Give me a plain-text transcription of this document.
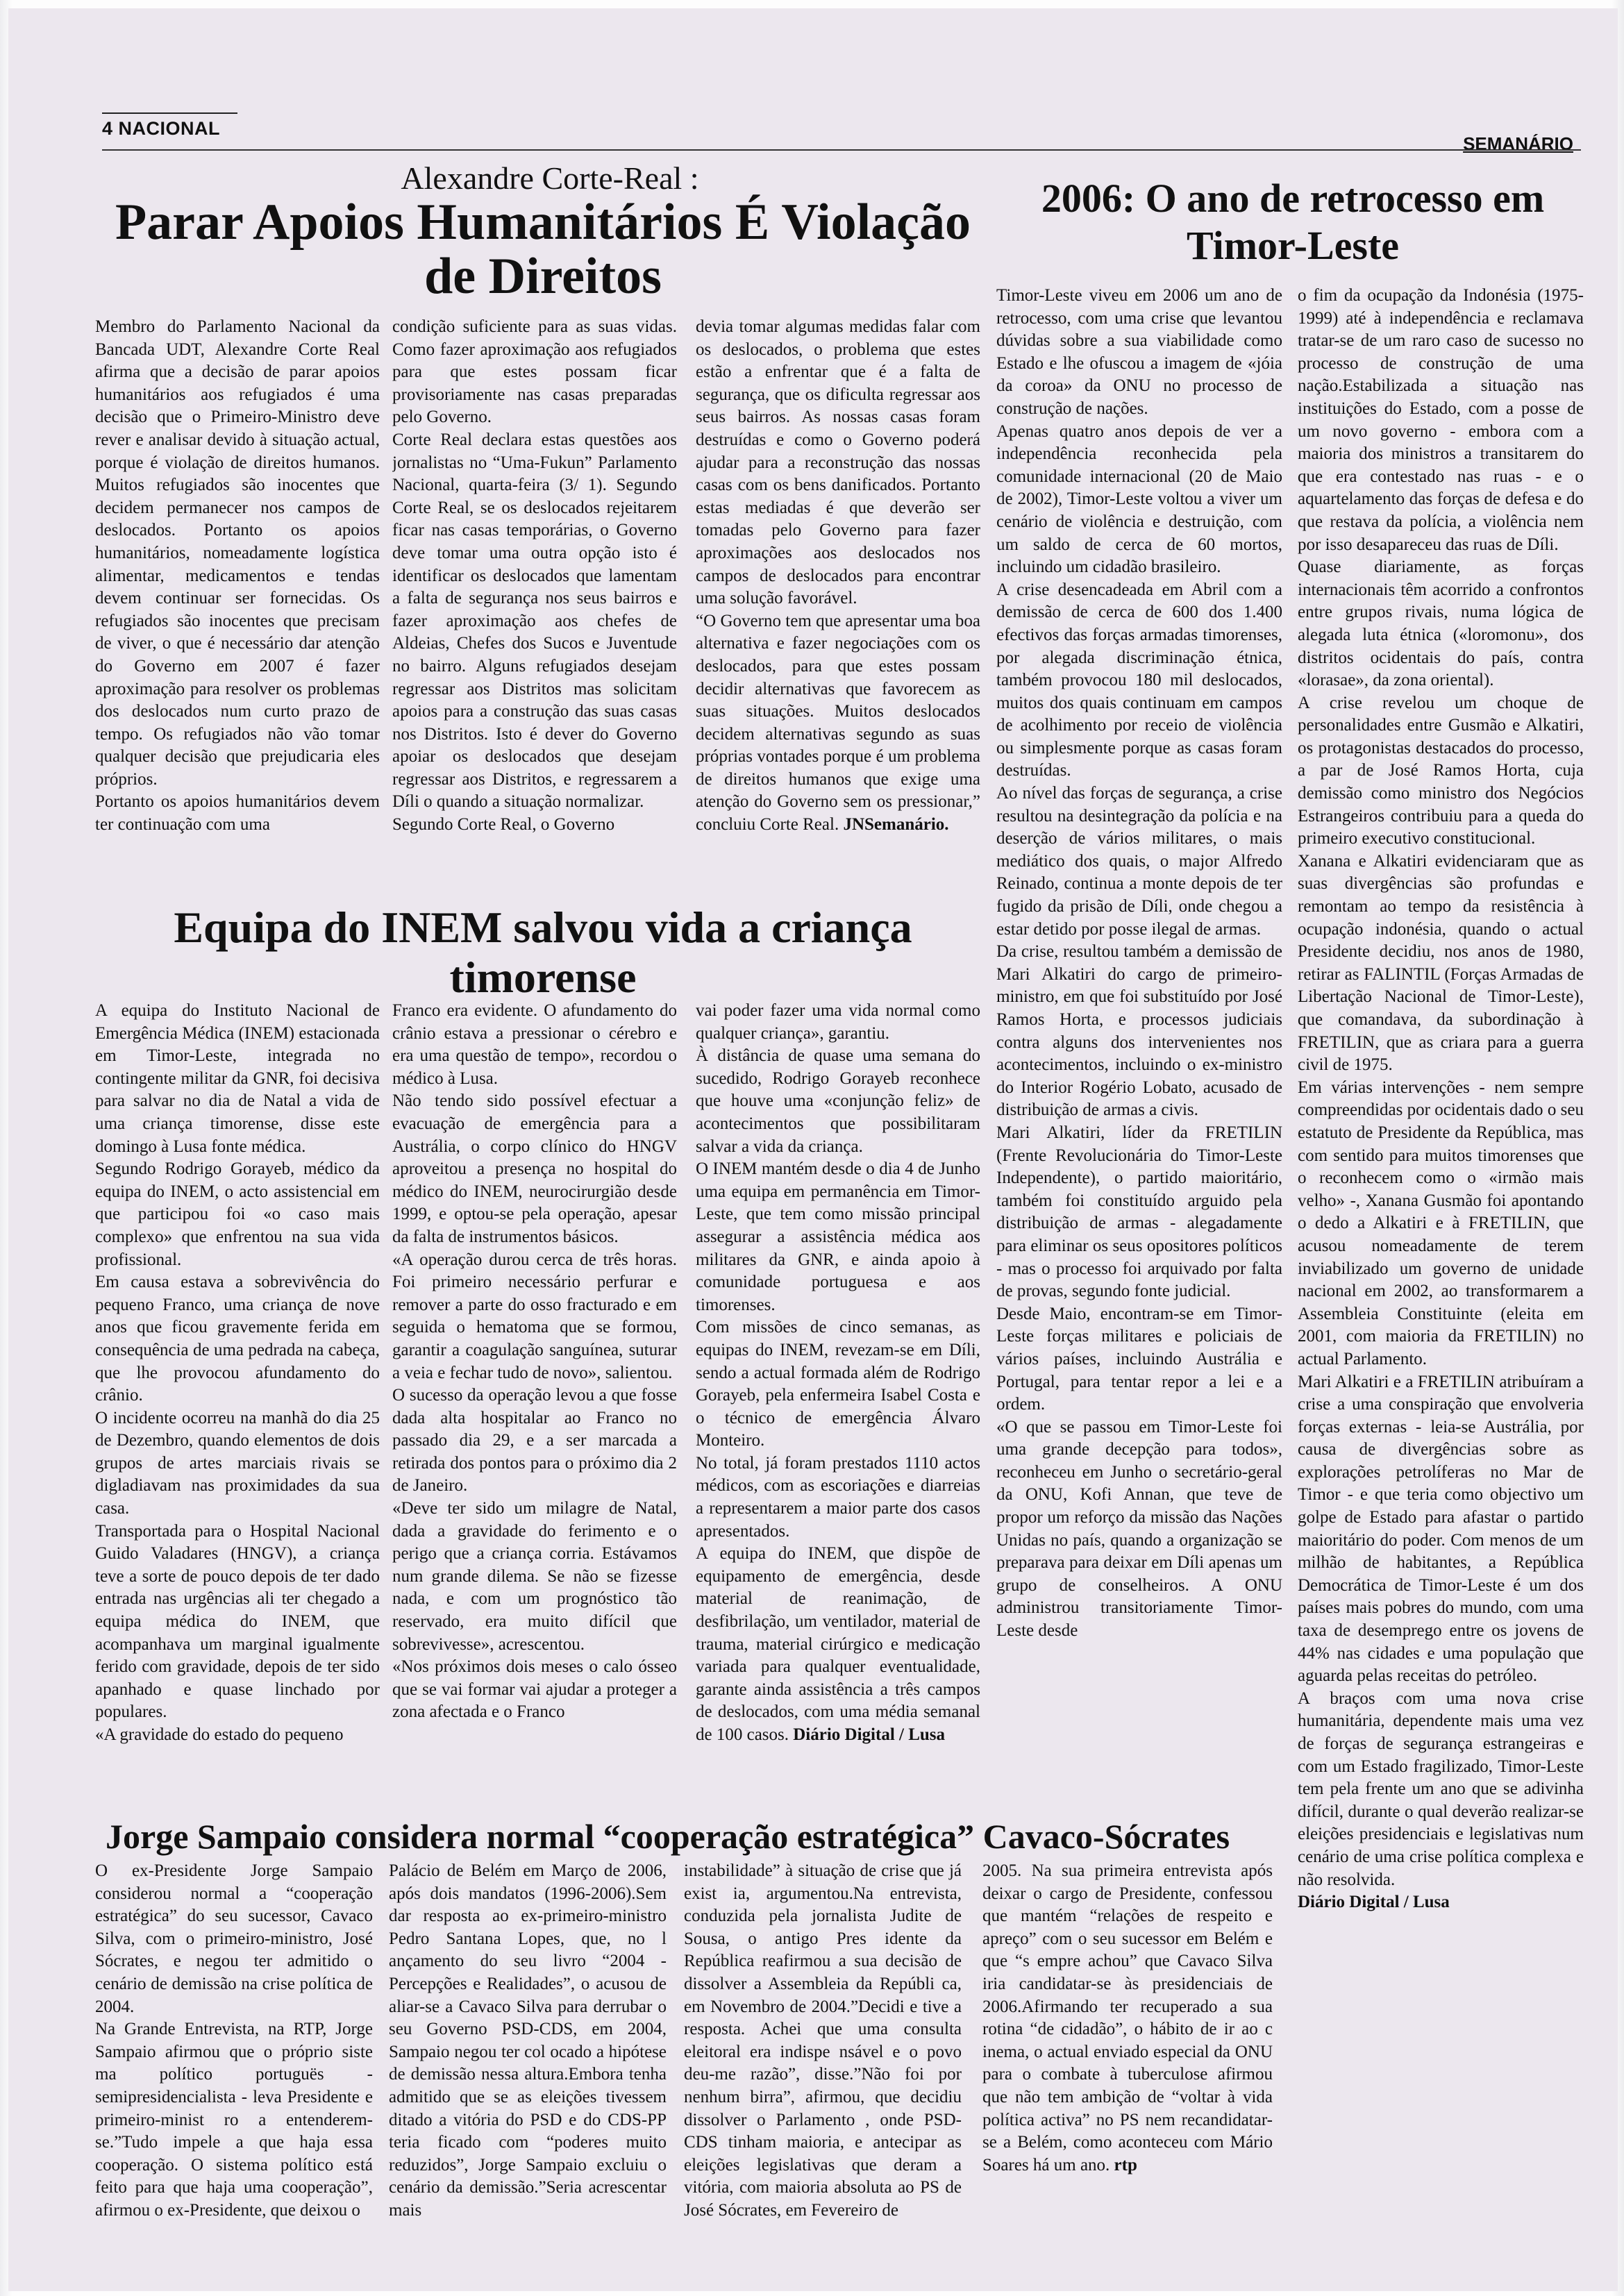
4 NACIONAL
SEMANÁRIO
Alexandre Corte-Real :
Parar Apoios Humanitários É Violação
de Direitos

Membro do Parlamento Nacional da Bancada UDT, Alexandre Corte Real afirma que a decisão de parar apoios humanitários aos refugiados é uma decisão que o Primeiro-Ministro deve rever e analisar devido à situação actual, porque é violação de direitos humanos. Muitos refugiados são inocentes que decidem permanecer nos campos de deslocados. Portanto os apoios humanitários, nomeadamente logística alimentar, medicamentos e tendas devem continuar ser fornecidas. Os refugiados são inocentes que precisam de viver, o que é necessário dar atenção do Governo em 2007 é fazer aproximação para resolver os problemas dos deslocados num curto prazo de tempo. Os refugiados não vão tomar qualquer decisão que prejudicaria eles próprios.

Portanto os apoios humanitários devem ter continuação com uma

condição suficiente para as suas vidas. Como fazer aproximação aos refugiados para que estes possam ficar provisoriamente nas casas preparadas pelo Governo.

Corte Real declara estas questões aos jornalistas no “Uma-Fukun” Parlamento Nacional, quarta-feira (3/ 1). Segundo Corte Real, se os deslocados rejeitarem ficar nas casas temporárias, o Governo deve tomar uma outra opção isto é identificar os deslocados que lamentam a falta de segurança nos seus bairros e fazer aproximação aos chefes de Aldeias, Chefes dos Sucos e Juventude no bairro. Alguns refugiados desejam regressar aos Distritos mas solicitam apoios para a construção das suas casas nos Distritos. Isto é dever do Governo apoiar os deslocados que desejam regressar aos Distritos, e regressarem a Díli o quando a situação normalizar.

Segundo Corte Real, o Governo

devia tomar algumas medidas falar com os deslocados, o problema que estes estão a enfrentar que é a falta de segurança, que os dificulta regressar aos seus bairros. As nossas casas foram destruídas e como o Governo poderá ajudar para a reconstrução das nossas casas com os bens danificados. Portanto estas mediadas é que deverão ser tomadas pelo Governo para fazer aproximações aos deslocados nos campos de deslocados para encontrar uma solução favorável.

“O Governo tem que apresentar uma boa alternativa e fazer negociações com os deslocados, para que estes possam decidir alternativas que favorecem as suas situações. Muitos deslocados decidem alternativas segundo as suas próprias vontades porque é um problema de direitos humanos que exige uma atenção do Governo sem os pressionar,” concluiu Corte Real. JNSemanário.

Equipa do INEM salvou vida a criança
timorense

A equipa do Instituto Nacional de Emergência Médica (INEM) estacionada em Timor-Leste, integrada no contingente militar da GNR, foi decisiva para salvar no dia de Natal a vida de uma criança timorense, disse este domingo à Lusa fonte médica.

Segundo Rodrigo Gorayeb, médico da equipa do INEM, o acto assistencial em que participou foi «o caso mais complexo» que enfrentou na sua vida profissional.

Em causa estava a sobrevivência do pequeno Franco, uma criança de nove anos que ficou gravemente ferida em consequência de uma pedrada na cabeça, que lhe provocou afundamento do crânio.

O incidente ocorreu na manhã do dia 25 de Dezembro, quando elementos de dois grupos de artes marciais rivais se digladiavam nas proximidades da sua casa.

Transportada para o Hospital Nacional Guido Valadares (HNGV), a criança teve a sorte de pouco depois de ter dado entrada nas urgências ali ter chegado a equipa médica do INEM, que acompanhava um marginal igualmente ferido com gravidade, depois de ter sido apanhado e quase linchado por populares.

«A gravidade do estado do pequeno

Franco era evidente. O afundamento do crânio estava a pressionar o cérebro e era uma questão de tempo», recordou o médico à Lusa.

Não tendo sido possível efectuar a evacuação de emergência para a Austrália, o corpo clínico do HNGV aproveitou a presença no hospital do médico do INEM, neurocirurgião desde 1999, e optou-se pela operação, apesar da falta de instrumentos básicos.

«A operação durou cerca de três horas. Foi primeiro necessário perfurar e remover a parte do osso fracturado e em seguida o hematoma que se formou, garantir a coagulação sanguínea, suturar a veia e fechar tudo de novo», salientou.

O sucesso da operação levou a que fosse dada alta hospitalar ao Franco no passado dia 29, e a ser marcada a retirada dos pontos para o próximo dia 2 de Janeiro.

«Deve ter sido um milagre de Natal, dada a gravidade do ferimento e o perigo que a criança corria. Estávamos num grande dilema. Se não se fizesse nada, e com um prognóstico tão reservado, era muito difícil que sobrevivesse», acrescentou.

«Nos próximos dois meses o calo ósseo que se vai formar vai ajudar a proteger a zona afectada e o Franco

vai poder fazer uma vida normal como qualquer criança», garantiu.

À distância de quase uma semana do sucedido, Rodrigo Gorayeb reconhece que houve uma «conjunção feliz» de acontecimentos que possibilitaram salvar a vida da criança.

O INEM mantém desde o dia 4 de Junho uma equipa em permanência em Timor-Leste, que tem como missão principal assegurar a assistência médica aos militares da GNR, e ainda apoio à comunidade portuguesa e aos timorenses.

Com missões de cinco semanas, as equipas do INEM, revezam-se em Díli, sendo a actual formada além de Rodrigo Gorayeb, pela enfermeira Isabel Costa e o técnico de emergência Álvaro Monteiro.

No total, já foram prestados 1110 actos médicos, com as escoriações e diarreias a representarem a maior parte dos casos apresentados.

A equipa do INEM, que dispõe de equipamento de emergência, desde material de reanimação, de desfibrilação, um ventilador, material de trauma, material cirúrgico e medicação variada para qualquer eventualidade, garante ainda assistência a três campos de deslocados, com uma média semanal de 100 casos. Diário Digital / Lusa

Jorge Sampaio considera normal “cooperação estratégica” Cavaco-Sócrates

O ex-Presidente Jorge Sampaio considerou normal a “cooperação estratégica” do seu sucessor, Cavaco Silva, com o primeiro-ministro, José Sócrates, e negou ter admitido o cenário de demissão na crise política de 2004.

Na Grande Entrevista, na RTP, Jorge Sampaio afirmou que o próprio siste ma político portuguës - semipresidencialista - leva Presidente e primeiro-minist ro a entenderem-se.”Tudo impele a que haja essa cooperação. O sistema político está feito para que haja uma cooperação”, afirmou o ex-Presidente, que deixou o

Palácio de Belém em Março de 2006, após dois mandatos (1996-2006).Sem dar resposta ao ex-primeiro-ministro Pedro Santana Lopes, que, no l ançamento do seu livro “2004 - Percepções e Realidades”, o acusou de aliar-se a Cavaco Silva para derrubar o seu Governo PSD-CDS, em 2004, Sampaio negou ter col ocado a hipótese de demissão nessa altura.Embora tenha admitido que se as eleições tivessem ditado a vitória do PSD e do CDS-PP teria ficado com “poderes muito reduzidos”, Jorge Sampaio excluiu o cenário da demissão.”Seria acrescentar mais

instabilidade” à situação de crise que já exist ia, argumentou.Na entrevista, conduzida pela jornalista Judite de Sousa, o antigo Pres idente da República reafirmou a sua decisão de dissolver a Assembleia da Repúbli ca, em Novembro de 2004.”Decidi e tive a resposta. Achei que uma consulta eleitoral era indispe nsável e o povo deu-me razão”, disse.”Não foi por nenhum birra”, afirmou, que decidiu dissolver o Parlamento , onde PSD-CDS tinham maioria, e antecipar as eleições legislativas que deram a vitória, com maioria absoluta ao PS de José Sócrates, em Fevereiro de

2005. Na sua primeira entrevista após deixar o cargo de Presidente, confessou que mantém “relações de respeito e apreço” com o seu sucessor em Belém e que “s empre achou” que Cavaco Silva iria candidatar-se às presidenciais de 2006.Afirmando ter recuperado a sua rotina “de cidadão”, o hábito de ir ao c inema, o actual enviado especial da ONU para o combate à tuberculose afirmou que não tem ambição de “voltar à vida política activa” no PS nem recandidatar-se a Belém, como aconteceu com Mário Soares há um ano. rtp

2006: O ano de retrocesso em
Timor-Leste

Timor-Leste viveu em 2006 um ano de retrocesso, com uma crise que levantou dúvidas sobre a sua viabilidade como Estado e lhe ofuscou a imagem de «jóia da coroa» da ONU no processo de construção de nações.

Apenas quatro anos depois de ver a independência reconhecida pela comunidade internacional (20 de Maio de 2002), Timor-Leste voltou a viver um cenário de violência e destruição, com um saldo de cerca de 60 mortos, incluindo um cidadão brasileiro.

A crise desencadeada em Abril com a demissão de cerca de 600 dos 1.400 efectivos das forças armadas timorenses, por alegada discriminação étnica, também provocou 180 mil deslocados, muitos dos quais continuam em campos de acolhimento por receio de violência ou simplesmente porque as casas foram destruídas.

Ao nível das forças de segurança, a crise resultou na desintegração da polícia e na deserção de vários militares, o mais mediático dos quais, o major Alfredo Reinado, continua a monte depois de ter fugido da prisão de Díli, onde chegou a estar detido por posse ilegal de armas.

Da crise, resultou também a demissão de Mari Alkatiri do cargo de primeiro-ministro, em que foi substituído por José Ramos Horta, e processos judiciais contra alguns dos intervenientes nos acontecimentos, incluindo o ex-ministro do Interior Rogério Lobato, acusado de distribuição de armas a civis.

Mari Alkatiri, líder da FRETILIN (Frente Revolucionária do Timor-Leste Independente), o partido maioritário, também foi constituído arguido pela distribuição de armas - alegadamente para eliminar os seus opositores políticos - mas o processo foi arquivado por falta de provas, segundo fonte judicial.

Desde Maio, encontram-se em Timor-Leste forças militares e policiais de vários países, incluindo Austrália e Portugal, para tentar repor a lei e a ordem.

«O que se passou em Timor-Leste foi uma grande decepção para todos», reconheceu em Junho o secretário-geral da ONU, Kofi Annan, que teve de propor um reforço da missão das Nações Unidas no país, quando a organização se preparava para deixar em Díli apenas um grupo de conselheiros. A ONU administrou transitoriamente Timor-Leste desde

o fim da ocupação da Indonésia (1975-1999) até à independência e reclamava tratar-se de um raro caso de sucesso no processo de construção de uma nação.Estabilizada a situação nas instituições do Estado, com a posse de um novo governo - embora com a maioria dos ministros a transitarem do que era contestado nas ruas - e o aquartelamento das forças de defesa e do que restava da polícia, a violência nem por isso desapareceu das ruas de Díli.

Quase diariamente, as forças internacionais têm acorrido a confrontos entre grupos rivais, numa lógica de alegada luta étnica («loromonu», dos distritos ocidentais do país, contra «lorasae», da zona oriental).

A crise revelou um choque de personalidades entre Gusmão e Alkatiri, os protagonistas destacados do processo, a par de José Ramos Horta, cuja demissão como ministro dos Negócios Estrangeiros contribuiu para a queda do primeiro executivo constitucional.

Xanana e Alkatiri evidenciaram que as suas divergências são profundas e remontam ao tempo da resistência à ocupação indonésia, quando o actual Presidente decidiu, nos anos de 1980, retirar as FALINTIL (Forças Armadas de Libertação Nacional de Timor-Leste), que comandava, da subordinação à FRETILIN, que as criara para a guerra civil de 1975.

Em várias intervenções - nem sempre compreendidas por ocidentais dado o seu estatuto de Presidente da República, mas com sentido para muitos timorenses que o reconhecem como o «irmão mais velho» -, Xanana Gusmão foi apontando o dedo a Alkatiri e à FRETILIN, que acusou nomeadamente de terem inviabilizado um governo de unidade nacional em 2002, ao transformarem a Assembleia Constituinte (eleita em 2001, com maioria da FRETILIN) no actual Parlamento.

Mari Alkatiri e a FRETILIN atribuíram a crise a uma conspiração que envolveria forças externas - leia-se Austrália, por causa de divergências sobre as explorações petrolíferas no Mar de Timor - e que teria como objectivo um golpe de Estado para afastar o partido maioritário do poder. Com menos de um milhão de habitantes, a República Democrática de Timor-Leste é um dos países mais pobres do mundo, com uma taxa de desemprego entre os jovens de 44% nas cidades e uma população que aguarda pelas receitas do petróleo.

A braços com uma nova crise humanitária, dependente mais uma vez de forças de segurança estrangeiras e com um Estado fragilizado, Timor-Leste tem pela frente um ano que se adivinha difícil, durante o qual deverão realizar-se eleições presidenciais e legislativas num cenário de uma crise política complexa e não resolvida.

Diário Digital / Lusa
